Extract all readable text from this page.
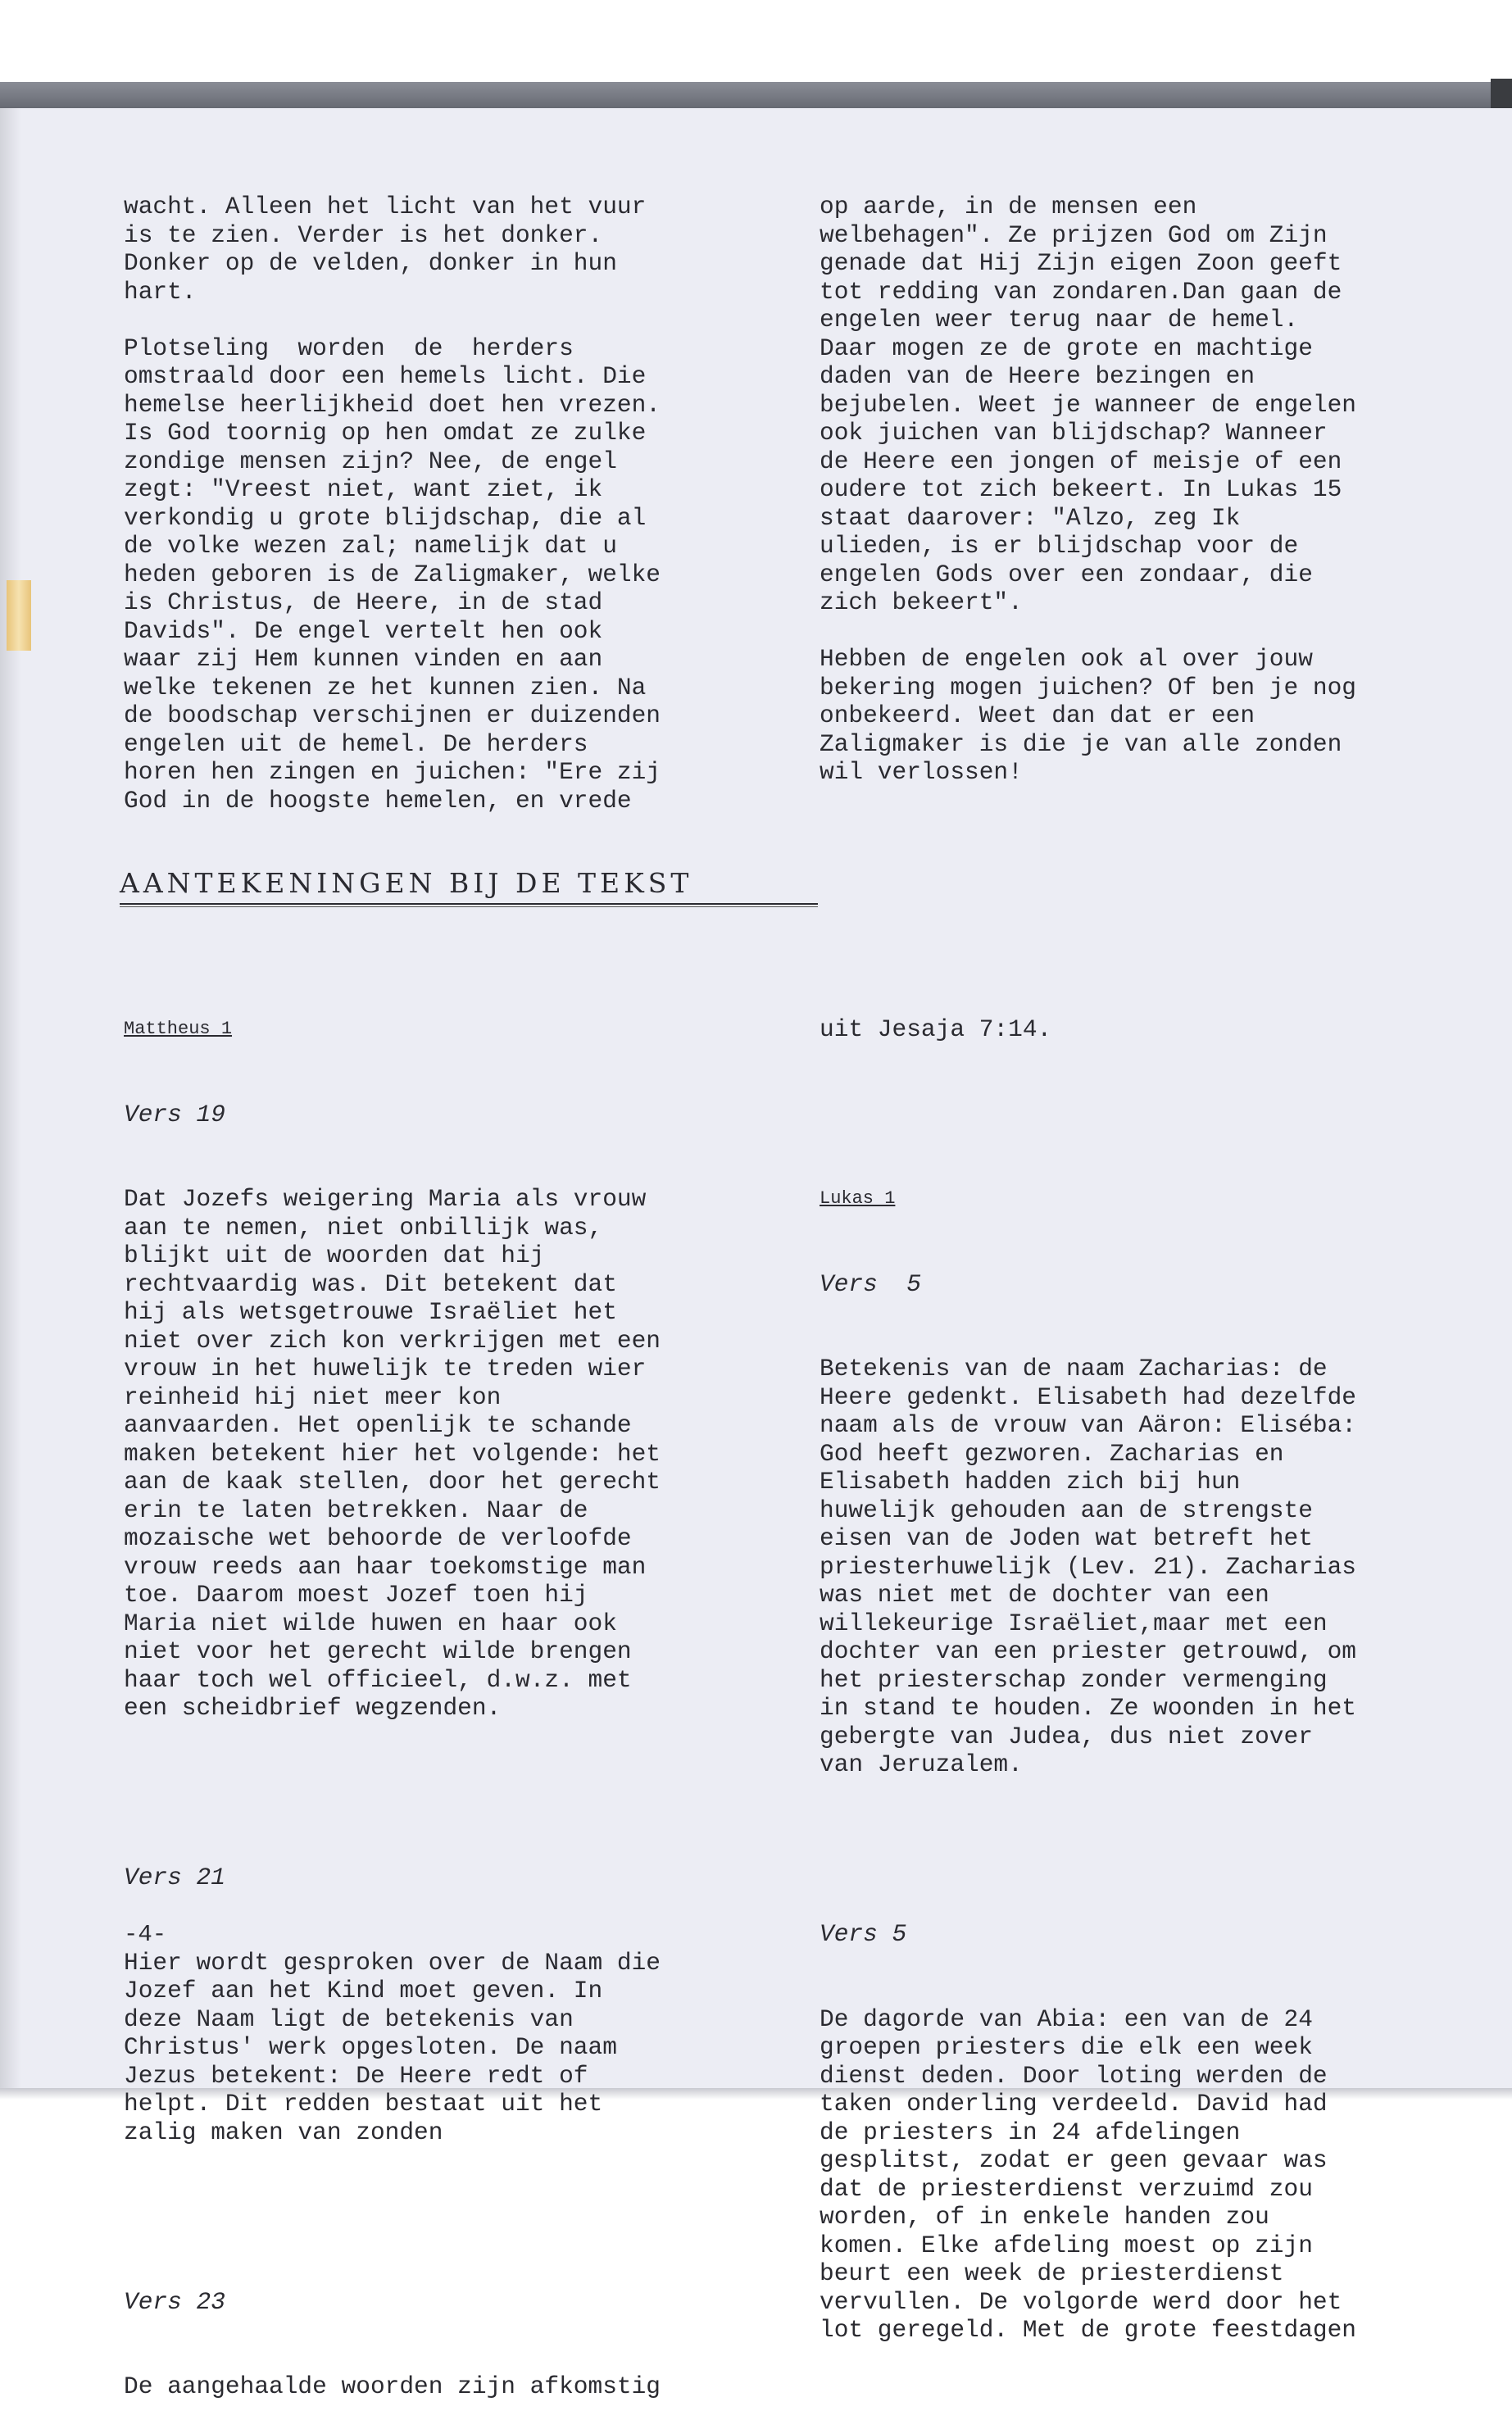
wacht. Alleen het licht van het vuur
is te zien. Verder is het donker.
Donker op de velden, donker in hun
hart.
Plotseling  worden  de  herders
omstraald door een hemels licht. Die
hemelse heerlijkheid doet hen vrezen.
Is God toornig op hen omdat ze zulke
zondige mensen zijn? Nee, de engel
zegt: "Vreest niet, want ziet, ik
verkondig u grote blijdschap, die al
de volke wezen zal; namelijk dat u
heden geboren is de Zaligmaker, welke
is Christus, de Heere, in de stad
Davids". De engel vertelt hen ook
waar zij Hem kunnen vinden en aan
welke tekenen ze het kunnen zien. Na
de boodschap verschijnen er duizenden
engelen uit de hemel. De herders
horen hen zingen en juichen: "Ere zij
God in de hoogste hemelen, en vrede
op aarde, in de mensen een
welbehagen". Ze prijzen God om Zijn
genade dat Hij Zijn eigen Zoon geeft
tot redding van zondaren.Dan gaan de
engelen weer terug naar de hemel.
Daar mogen ze de grote en machtige
daden van de Heere bezingen en
bejubelen. Weet je wanneer de engelen
ook juichen van blijdschap? Wanneer
de Heere een jongen of meisje of een
oudere tot zich bekeert. In Lukas 15
staat daarover: "Alzo, zeg Ik
ulieden, is er blijdschap voor de
engelen Gods over een zondaar, die
zich bekeert".
Hebben de engelen ook al over jouw
bekering mogen juichen? Of ben je nog
onbekeerd. Weet dan dat er een
Zaligmaker is die je van alle zonden
wil verlossen!
AANTEKENINGEN BIJ DE TEKST

Mattheus 1

Vers 19

Dat Jozefs weigering Maria als vrouw
aan te nemen, niet onbillijk was,
blijkt uit de woorden dat hij
rechtvaardig was. Dit betekent dat
hij als wetsgetrouwe Israëliet het
niet over zich kon verkrijgen met een
vrouw in het huwelijk te treden wier
reinheid hij niet meer kon
aanvaarden. Het openlijk te schande
maken betekent hier het volgende: het
aan de kaak stellen, door het gerecht
erin te laten betrekken. Naar de
mozaische wet behoorde de verloofde
vrouw reeds aan haar toekomstige man
toe. Daarom moest Jozef toen hij
Maria niet wilde huwen en haar ook
niet voor het gerecht wilde brengen
haar toch wel officieel, d.w.z. met
een scheidbrief wegzenden.

Vers 21

Hier wordt gesproken over de Naam die
Jozef aan het Kind moet geven. In
deze Naam ligt de betekenis van
Christus' werk opgesloten. De naam
Jezus betekent: De Heere redt of
helpt. Dit redden bestaat uit het
zalig maken van zonden

Vers 23

De aangehaalde woorden zijn afkomstig

uit Jesaja 7:14.

Lukas 1

Vers  5

Betekenis van de naam Zacharias: de
Heere gedenkt. Elisabeth had dezelfde
naam als de vrouw van Aäron: Eliséba:
God heeft gezworen. Zacharias en
Elisabeth hadden zich bij hun
huwelijk gehouden aan de strengste
eisen van de Joden wat betreft het
priesterhuwelijk (Lev. 21). Zacharias
was niet met de dochter van een
willekeurige Israëliet,maar met een
dochter van een priester getrouwd, om
het priesterschap zonder vermenging
in stand te houden. Ze woonden in het
gebergte van Judea, dus niet zover
van Jeruzalem.

Vers 5

De dagorde van Abia: een van de 24
groepen priesters die elk een week
dienst deden. Door loting werden de
taken onderling verdeeld. David had
de priesters in 24 afdelingen
gesplitst, zodat er geen gevaar was
dat de priesterdienst verzuimd zou
worden, of in enkele handen zou
komen. Elke afdeling moest op zijn
beurt een week de priesterdienst
vervullen. De volgorde werd door het
lot geregeld. Met de grote feestdagen

-4-
